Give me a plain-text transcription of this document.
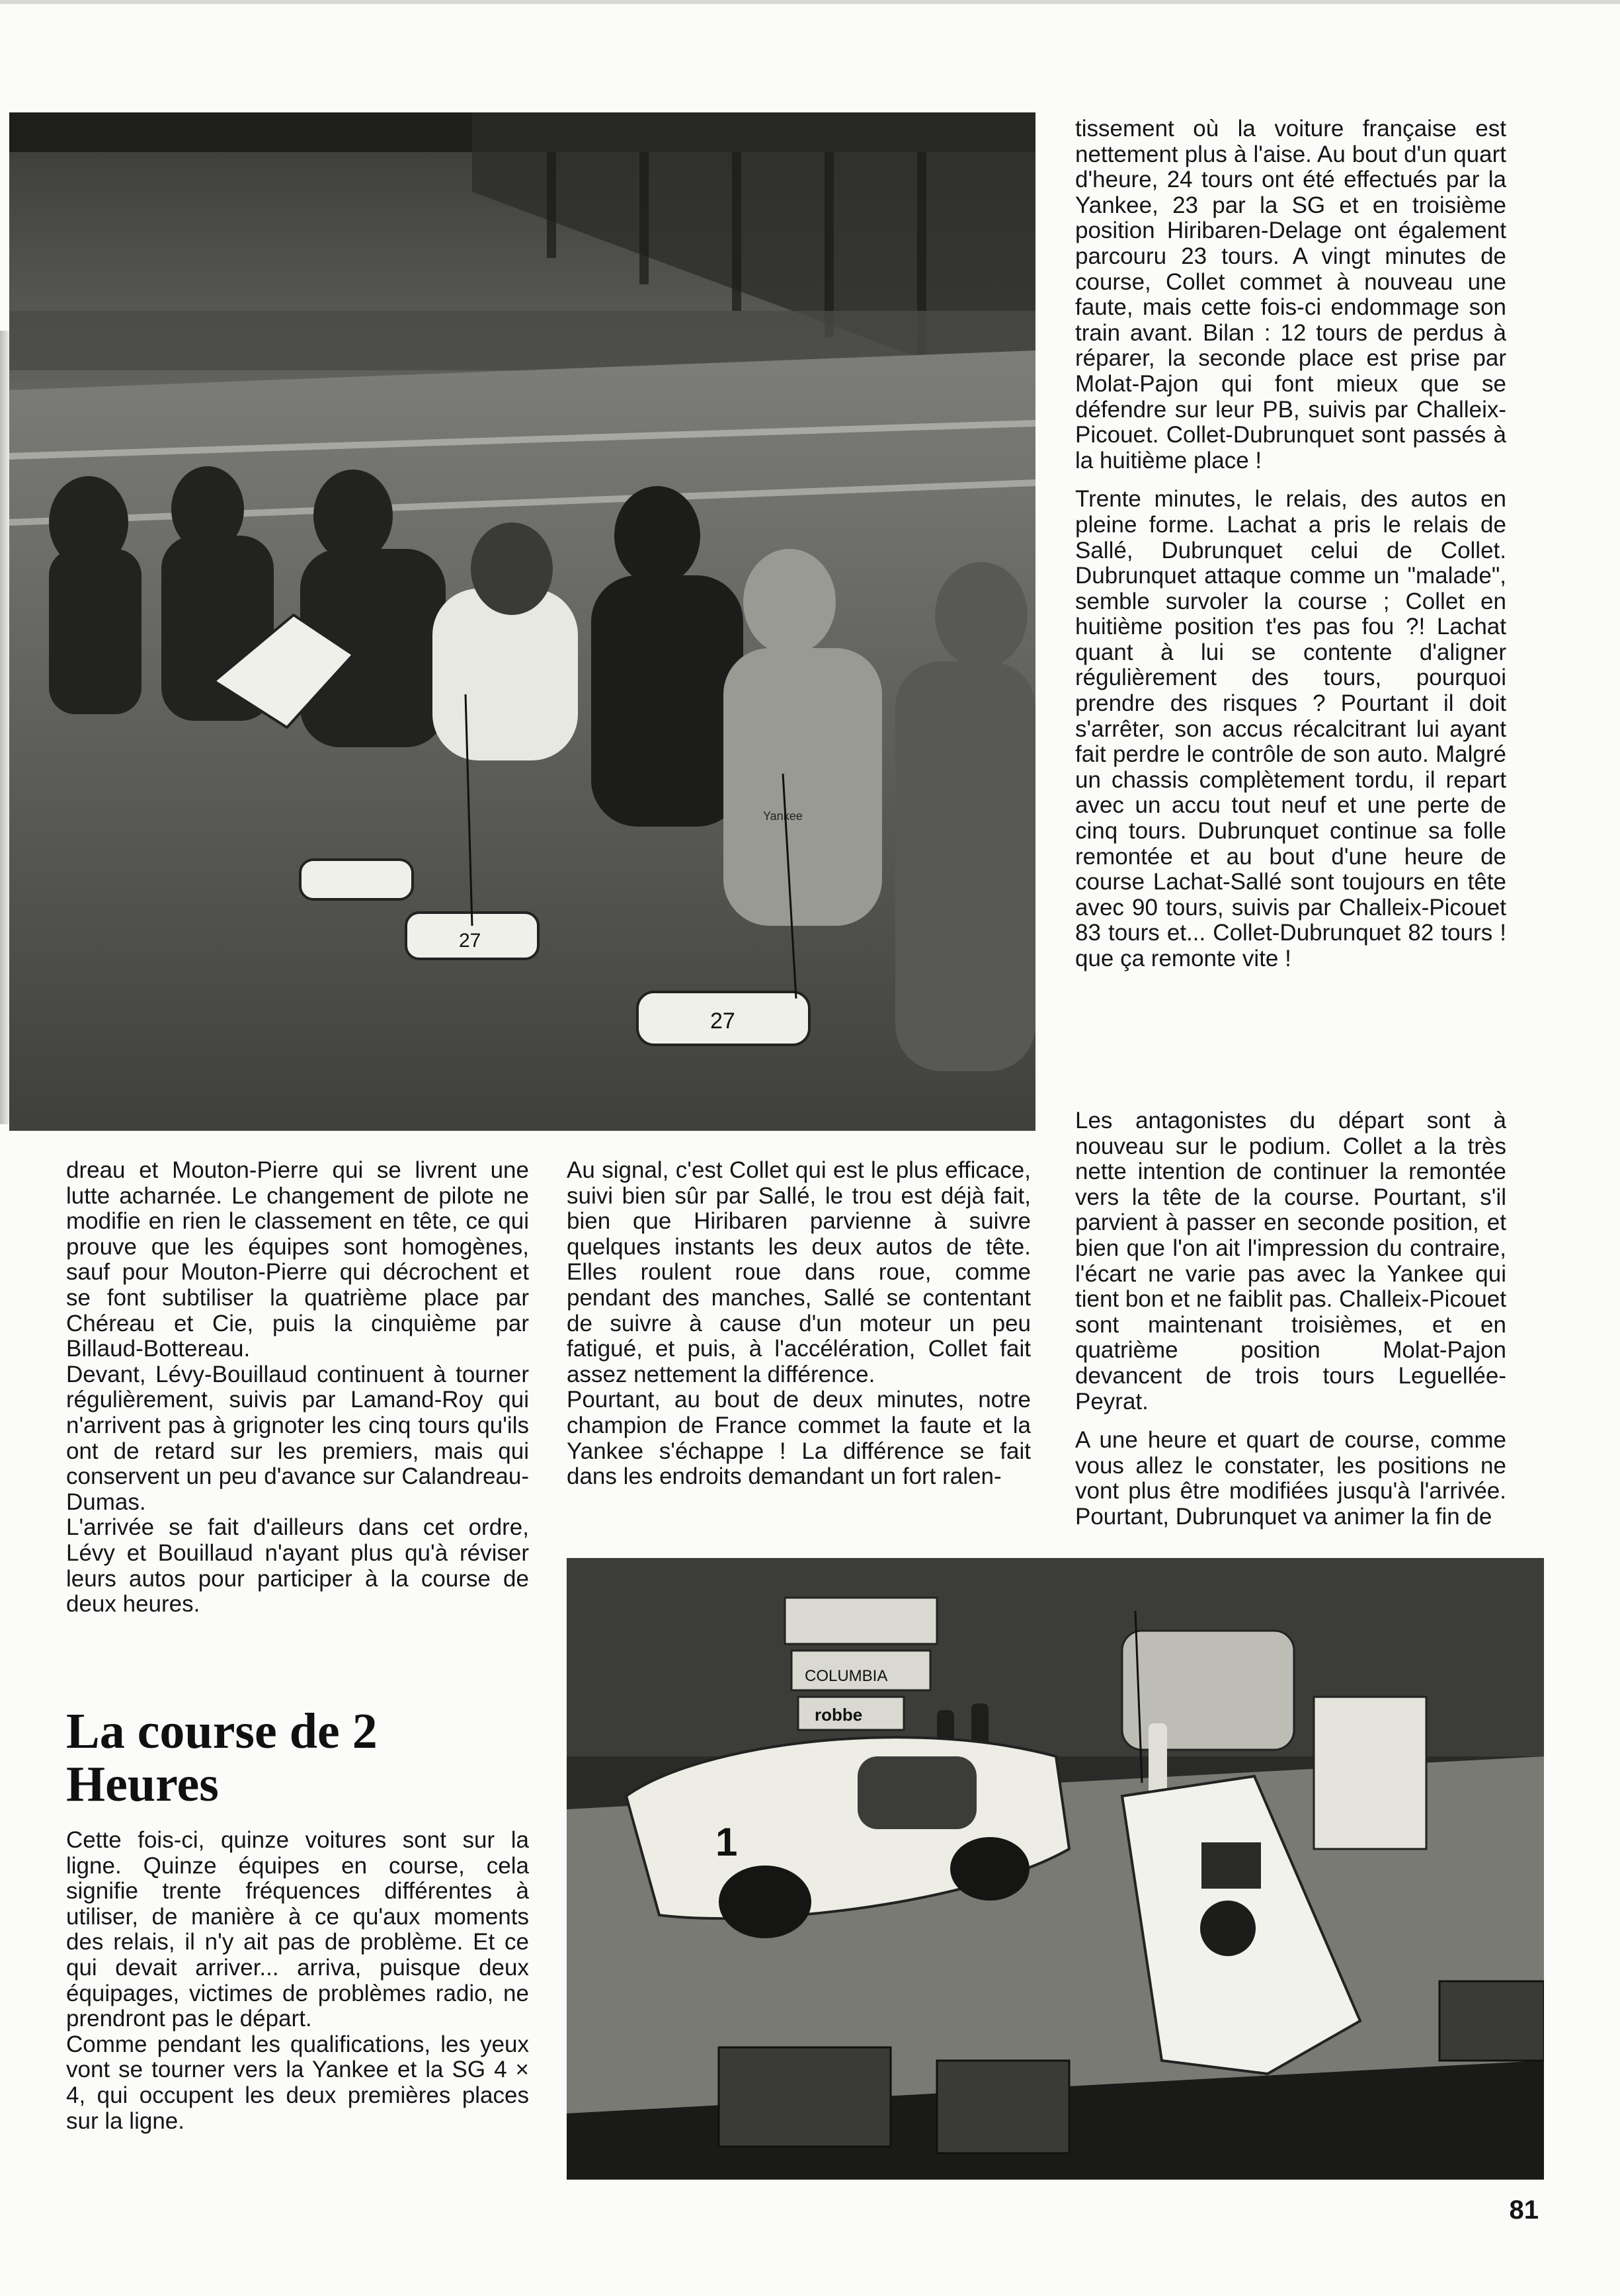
27
27
Yankee

tissement où la voiture française est nettement plus à l'aise. Au bout d'un quart d'heure, 24 tours ont été effectués par la Yankee, 23 par la SG et en troisième position Hiribaren-Delage ont également parcouru 23 tours. A vingt minutes de course, Collet commet à nouveau une faute, mais cette fois-ci endommage son train avant. Bilan : 12 tours de perdus à réparer, la seconde place est prise par Molat-Pajon qui font mieux que se défendre sur leur PB, suivis par Challeix-Picouet. Collet-Dubrunquet sont passés à la huitième place !

Trente minutes, le relais, des autos en pleine forme. Lachat a pris le relais de Sallé, Dubrunquet celui de Collet. Dubrunquet attaque comme un "malade", semble survoler la course ; Collet en huitième position t'es pas fou ?! Lachat quant à lui se contente d'aligner régulièrement des tours, pourquoi prendre des risques ? Pourtant il doit s'arrêter, son accus récalcitrant lui ayant fait perdre le contrôle de son auto. Malgré un chassis complètement tordu, il repart avec un accu tout neuf et une perte de cinq tours. Dubrunquet continue sa folle remontée et au bout d'une heure de course Lachat-Sallé sont toujours en tête avec 90 tours, suivis par Challeix-Picouet 83 tours et... Collet-Dubrunquet 82 tours ! que ça remonte vite !

dreau et Mouton-Pierre qui se livrent une lutte acharnée. Le changement de pilote ne modifie en rien le classement en tête, ce qui prouve que les équipes sont homogènes, sauf pour Mouton-Pierre qui décrochent et se font subtiliser la quatrième place par Chéreau et Cie, puis la cinquième par Billaud-Bottereau.

Devant, Lévy-Bouillaud continuent à tourner régulièrement, suivis par Lamand-Roy qui n'arrivent pas à grignoter les cinq tours qu'ils ont de retard sur les premiers, mais qui conservent un peu d'avance sur Calandreau-Dumas.

L'arrivée se fait d'ailleurs dans cet ordre, Lévy et Bouillaud n'ayant plus qu'à réviser leurs autos pour participer à la course de deux heures.

La course de 2 Heures

Cette fois-ci, quinze voitures sont sur la ligne. Quinze équipes en course, cela signifie trente fréquences différentes à utiliser, de manière à ce qu'aux moments des relais, il n'y ait pas de problème. Et ce qui devait arriver... arriva, puisque deux équipages, victimes de problèmes radio, ne prendront pas le départ.

Comme pendant les qualifications, les yeux vont se tourner vers la Yankee et la SG 4 × 4, qui occupent les deux premières places sur la ligne.

Au signal, c'est Collet qui est le plus efficace, suivi bien sûr par Sallé, le trou est déjà fait, bien que Hiribaren parvienne à suivre quelques instants les deux autos de tête. Elles roulent roue dans roue, comme pendant des manches, Sallé se contentant de suivre à cause d'un moteur un peu fatigué, et puis, à l'accélération, Collet fait assez nettement la différence.

Pourtant, au bout de deux minutes, notre champion de France commet la faute et la Yankee s'échappe ! La différence se fait dans les endroits demandant un fort ralen-

Les antagonistes du départ sont à nouveau sur le podium. Collet a la très nette intention de continuer la remontée vers la tête de la course. Pourtant, s'il parvient à passer en seconde position, et bien que l'on ait l'impression du contraire, l'écart ne varie pas avec la Yankee qui tient bon et ne faiblit pas. Challeix-Picouet sont maintenant troisièmes, et en quatrième position Molat-Pajon devancent de trois tours Leguellée-Peyrat.

A une heure et quart de course, comme vous allez le constater, les positions ne vont plus être modifiées jusqu'à l'arrivée. Pourtant, Dubrunquet va animer la fin de

COLUMBIA
robbe
1
81
